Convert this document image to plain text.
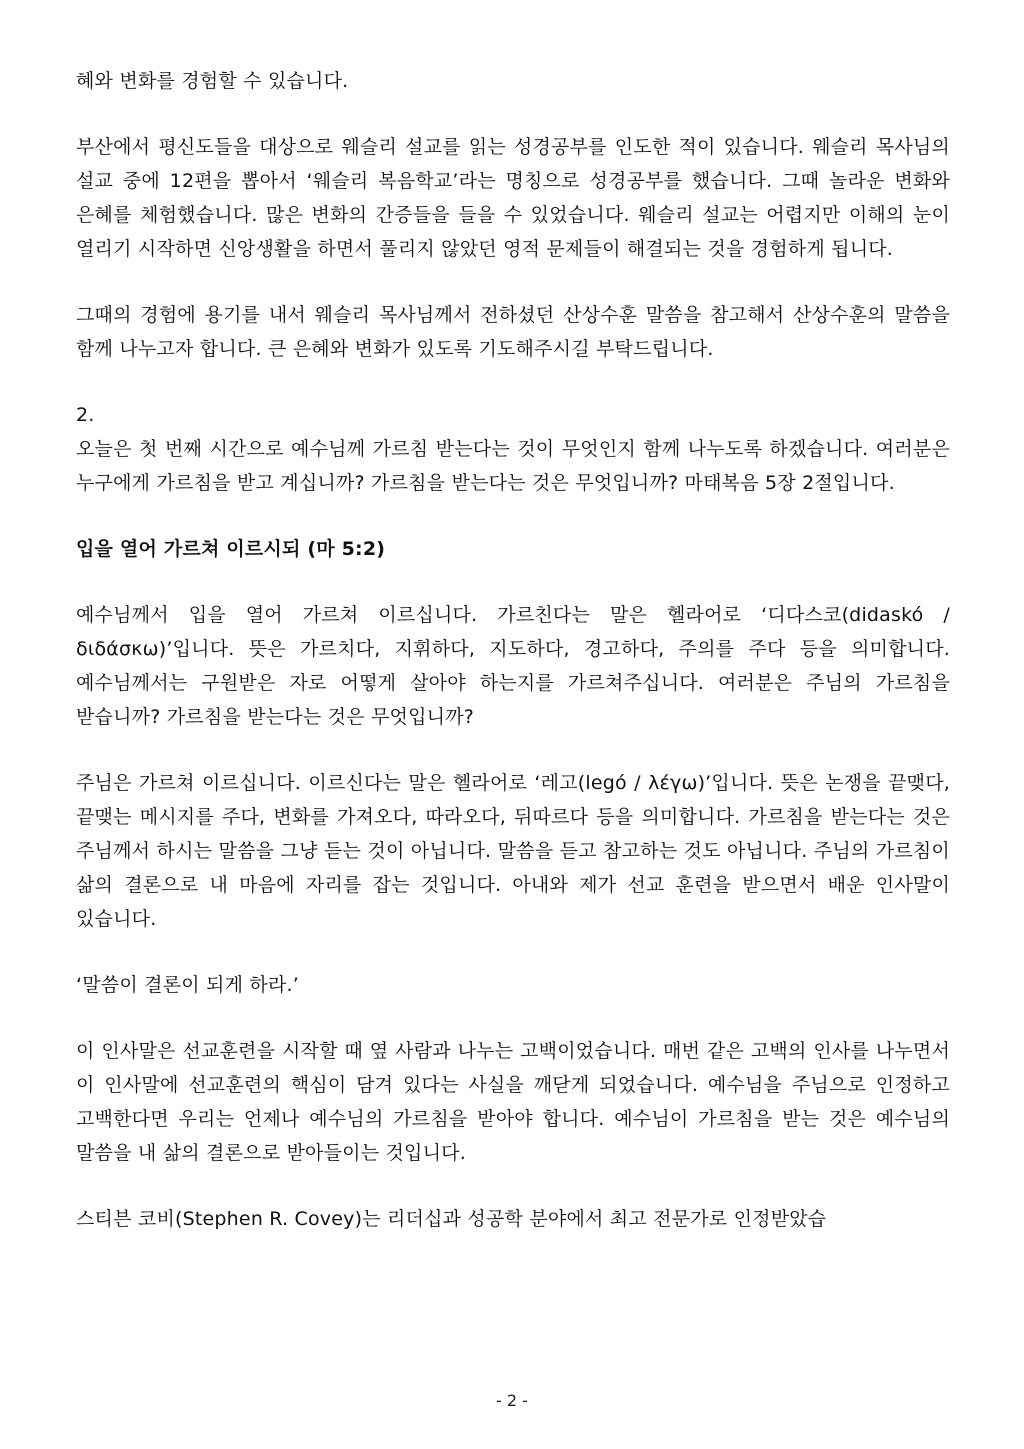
혜와 변화를 경험할 수 있습니다.

부산에서 평신도들을 대상으로 웨슬리 설교를 읽는 성경공부를 인도한 적이 있습니다. 웨슬리 목사님의 설교 중에 12편을 뽑아서 ‘웨슬리 복음학교’라는 명칭으로 성경공부를 했습니다. 그때 놀라운 변화와 은혜를 체험했습니다. 많은 변화의 간증들을 들을 수 있었습니다. 웨슬리 설교는 어렵지만 이해의 눈이 열리기 시작하면 신앙생활을 하면서 풀리지 않았던 영적 문제들이 해결되는 것을 경험하게 됩니다.

그때의 경험에 용기를 내서 웨슬리 목사님께서 전하셨던 산상수훈 말씀을 참고해서 산상수훈의 말씀을 함께 나누고자 합니다. 큰 은혜와 변화가 있도록 기도해주시길 부탁드립니다.

2.

오늘은 첫 번째 시간으로 예수님께 가르침 받는다는 것이 무엇인지 함께 나누도록 하겠습니다. 여러분은 누구에게 가르침을 받고 계십니까? 가르침을 받는다는 것은 무엇입니까? 마태복음 5장 2절입니다.

입을 열어 가르쳐 이르시되 (마 5:2)

예수님께서 입을 열어 가르쳐 이르십니다. 가르친다는 말은 헬라어로 ‘디다스코(didaskó / διδάσκω)’입니다. 뜻은 가르치다, 지휘하다, 지도하다, 경고하다, 주의를 주다 등을 의미합니다. 예수님께서는 구원받은 자로 어떻게 살아야 하는지를 가르쳐주십니다. 여러분은 주님의 가르침을 받습니까? 가르침을 받는다는 것은 무엇입니까?

주님은 가르쳐 이르십니다. 이르신다는 말은 헬라어로 ‘레고(legó / λέγω)’입니다. 뜻은 논쟁을 끝맺다, 끝맺는 메시지를 주다, 변화를 가져오다, 따라오다, 뒤따르다 등을 의미합니다. 가르침을 받는다는 것은 주님께서 하시는 말씀을 그냥 듣는 것이 아닙니다. 말씀을 듣고 참고하는 것도 아닙니다. 주님의 가르침이 삶의 결론으로 내 마음에 자리를 잡는 것입니다. 아내와 제가 선교 훈련을 받으면서 배운 인사말이 있습니다.

‘말씀이 결론이 되게 하라.’

이 인사말은 선교훈련을 시작할 때 옆 사람과 나누는 고백이었습니다. 매번 같은 고백의 인사를 나누면서 이 인사말에 선교훈련의 핵심이 담겨 있다는 사실을 깨닫게 되었습니다. 예수님을 주님으로 인정하고 고백한다면 우리는 언제나 예수님의 가르침을 받아야 합니다. 예수님이 가르침을 받는 것은 예수님의 말씀을 내 삶의 결론으로 받아들이는 것입니다.

스티븐 코비(Stephen R. Covey)는 리더십과 성공학 분야에서 최고 전문가로 인정받았습

- 2 -
